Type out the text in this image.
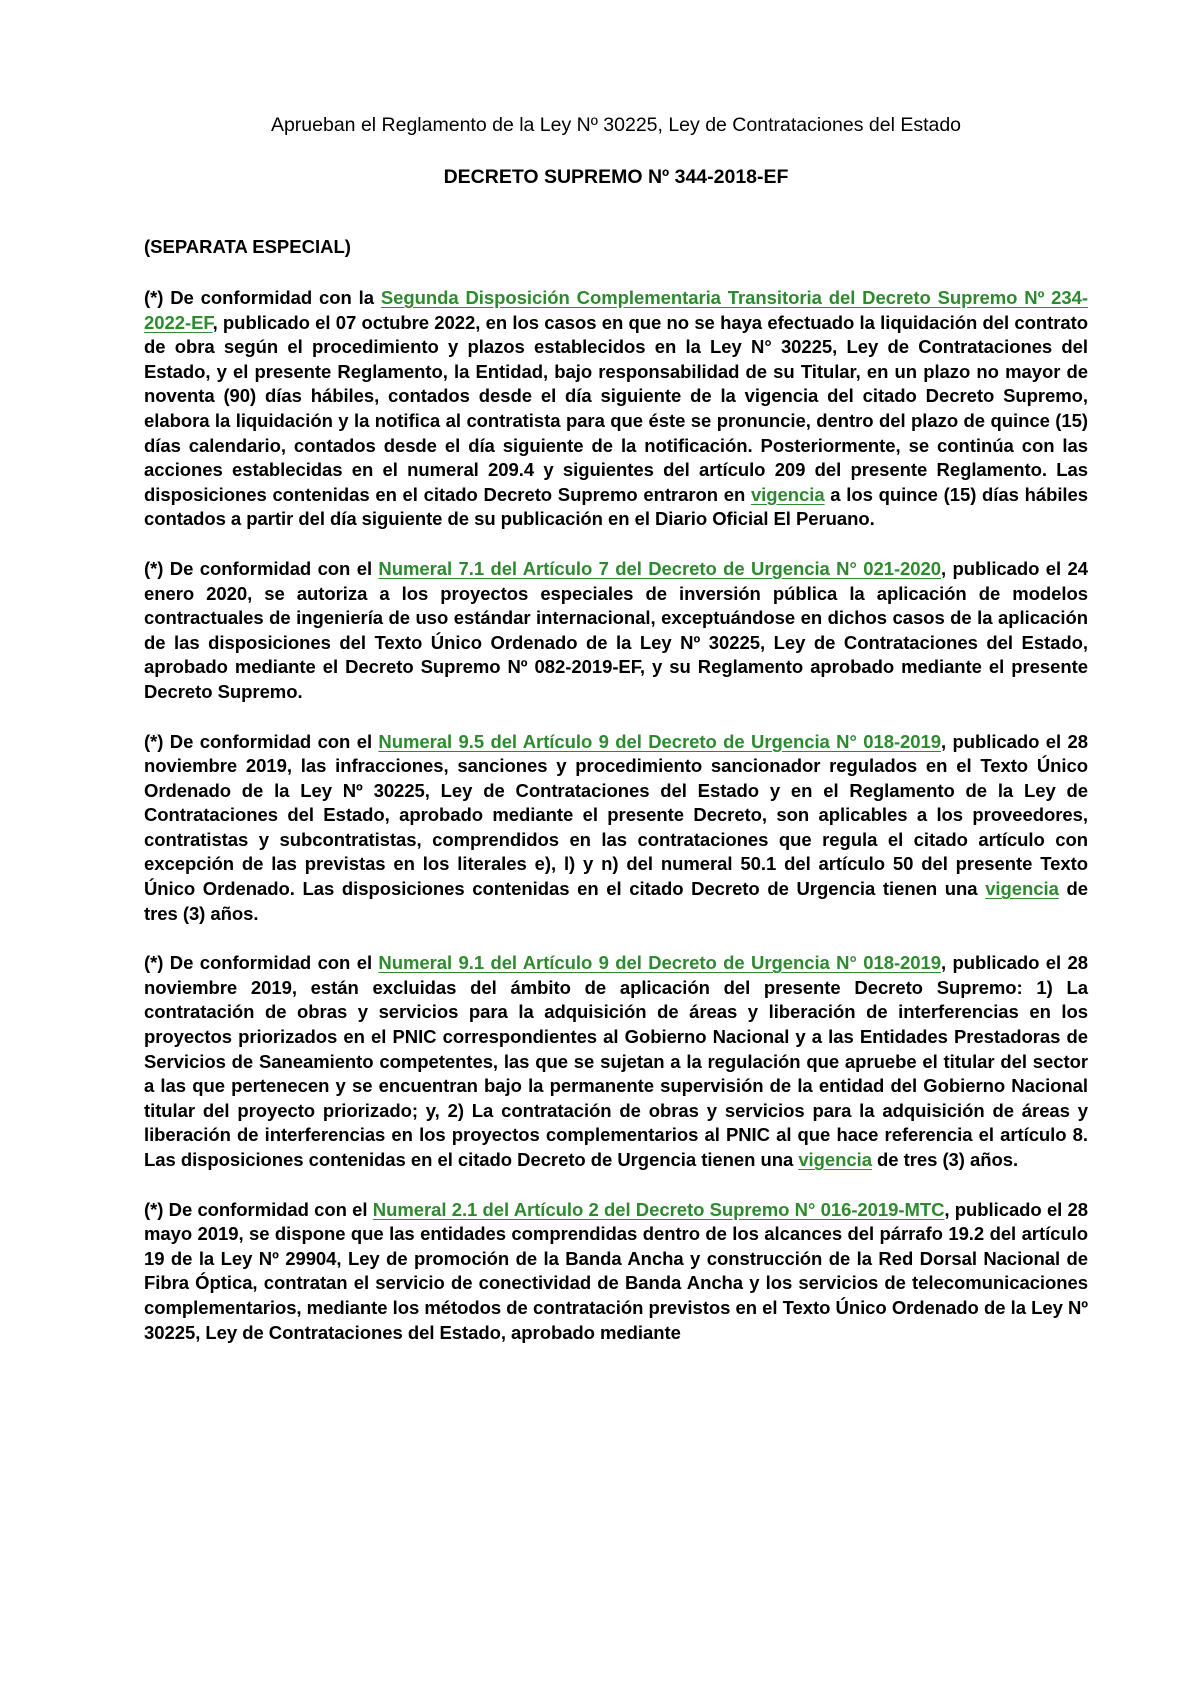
Aprueban el Reglamento de la Ley Nº 30225, Ley de Contrataciones del Estado
DECRETO SUPREMO Nº 344-2018-EF
(SEPARATA ESPECIAL)

(*) De conformidad con la Segunda Disposición Complementaria Transitoria del Decreto Supremo Nº 234-2022-EF, publicado el 07 octubre 2022, en los casos en que no se haya efectuado la liquidación del contrato de obra según el procedimiento y plazos establecidos en la Ley N° 30225, Ley de Contrataciones del Estado, y el presente Reglamento, la Entidad, bajo responsabilidad de su Titular, en un plazo no mayor de noventa (90) días hábiles, contados desde el día siguiente de la vigencia del citado Decreto Supremo, elabora la liquidación y la notifica al contratista para que éste se pronuncie, dentro del plazo de quince (15) días calendario, contados desde el día siguiente de la notificación. Posteriormente, se continúa con las acciones establecidas en el numeral 209.4 y siguientes del artículo 209 del presente Reglamento. Las disposiciones contenidas en el citado Decreto Supremo entraron en vigencia a los quince (15) días hábiles contados a partir del día siguiente de su publicación en el Diario Oficial El Peruano.

(*) De conformidad con el Numeral 7.1 del Artículo 7 del Decreto de Urgencia N° 021-2020, publicado el 24 enero 2020, se autoriza a los proyectos especiales de inversión pública la aplicación de modelos contractuales de ingeniería de uso estándar internacional, exceptuándose en dichos casos de la aplicación de las disposiciones del Texto Único Ordenado de la Ley Nº 30225, Ley de Contrataciones del Estado, aprobado mediante el Decreto Supremo Nº 082-2019-EF, y su Reglamento aprobado mediante el presente Decreto Supremo.

(*) De conformidad con el Numeral 9.5 del Artículo 9 del Decreto de Urgencia N° 018-2019, publicado el 28 noviembre 2019, las infracciones, sanciones y procedimiento sancionador regulados en el Texto Único Ordenado de la Ley Nº 30225, Ley de Contrataciones del Estado y en el Reglamento de la Ley de Contrataciones del Estado, aprobado mediante el presente Decreto, son aplicables a los proveedores, contratistas y subcontratistas, comprendidos en las contrataciones que regula el citado artículo con excepción de las previstas en los literales e), l) y n) del numeral 50.1 del artículo 50 del presente Texto Único Ordenado. Las disposiciones contenidas en el citado Decreto de Urgencia tienen una vigencia de tres (3) años.

(*) De conformidad con el Numeral 9.1 del Artículo 9 del Decreto de Urgencia N° 018-2019, publicado el 28 noviembre 2019, están excluidas del ámbito de aplicación del presente Decreto Supremo: 1) La contratación de obras y servicios para la adquisición de áreas y liberación de interferencias en los proyectos priorizados en el PNIC correspondientes al Gobierno Nacional y a las Entidades Prestadoras de Servicios de Saneamiento competentes, las que se sujetan a la regulación que apruebe el titular del sector a las que pertenecen y se encuentran bajo la permanente supervisión de la entidad del Gobierno Nacional titular del proyecto priorizado; y, 2) La contratación de obras y servicios para la adquisición de áreas y liberación de interferencias en los proyectos complementarios al PNIC al que hace referencia el artículo 8. Las disposiciones contenidas en el citado Decreto de Urgencia tienen una vigencia de tres (3) años.

(*) De conformidad con el Numeral 2.1 del Artículo 2 del Decreto Supremo N° 016-2019-MTC, publicado el 28 mayo 2019, se dispone que las entidades comprendidas dentro de los alcances del párrafo 19.2 del artículo 19 de la Ley Nº 29904, Ley de promoción de la Banda Ancha y construcción de la Red Dorsal Nacional de Fibra Óptica, contratan el servicio de conectividad de Banda Ancha y los servicios de telecomunicaciones complementarios, mediante los métodos de contratación previstos en el Texto Único Ordenado de la Ley Nº 30225, Ley de Contrataciones del Estado, aprobado mediante
